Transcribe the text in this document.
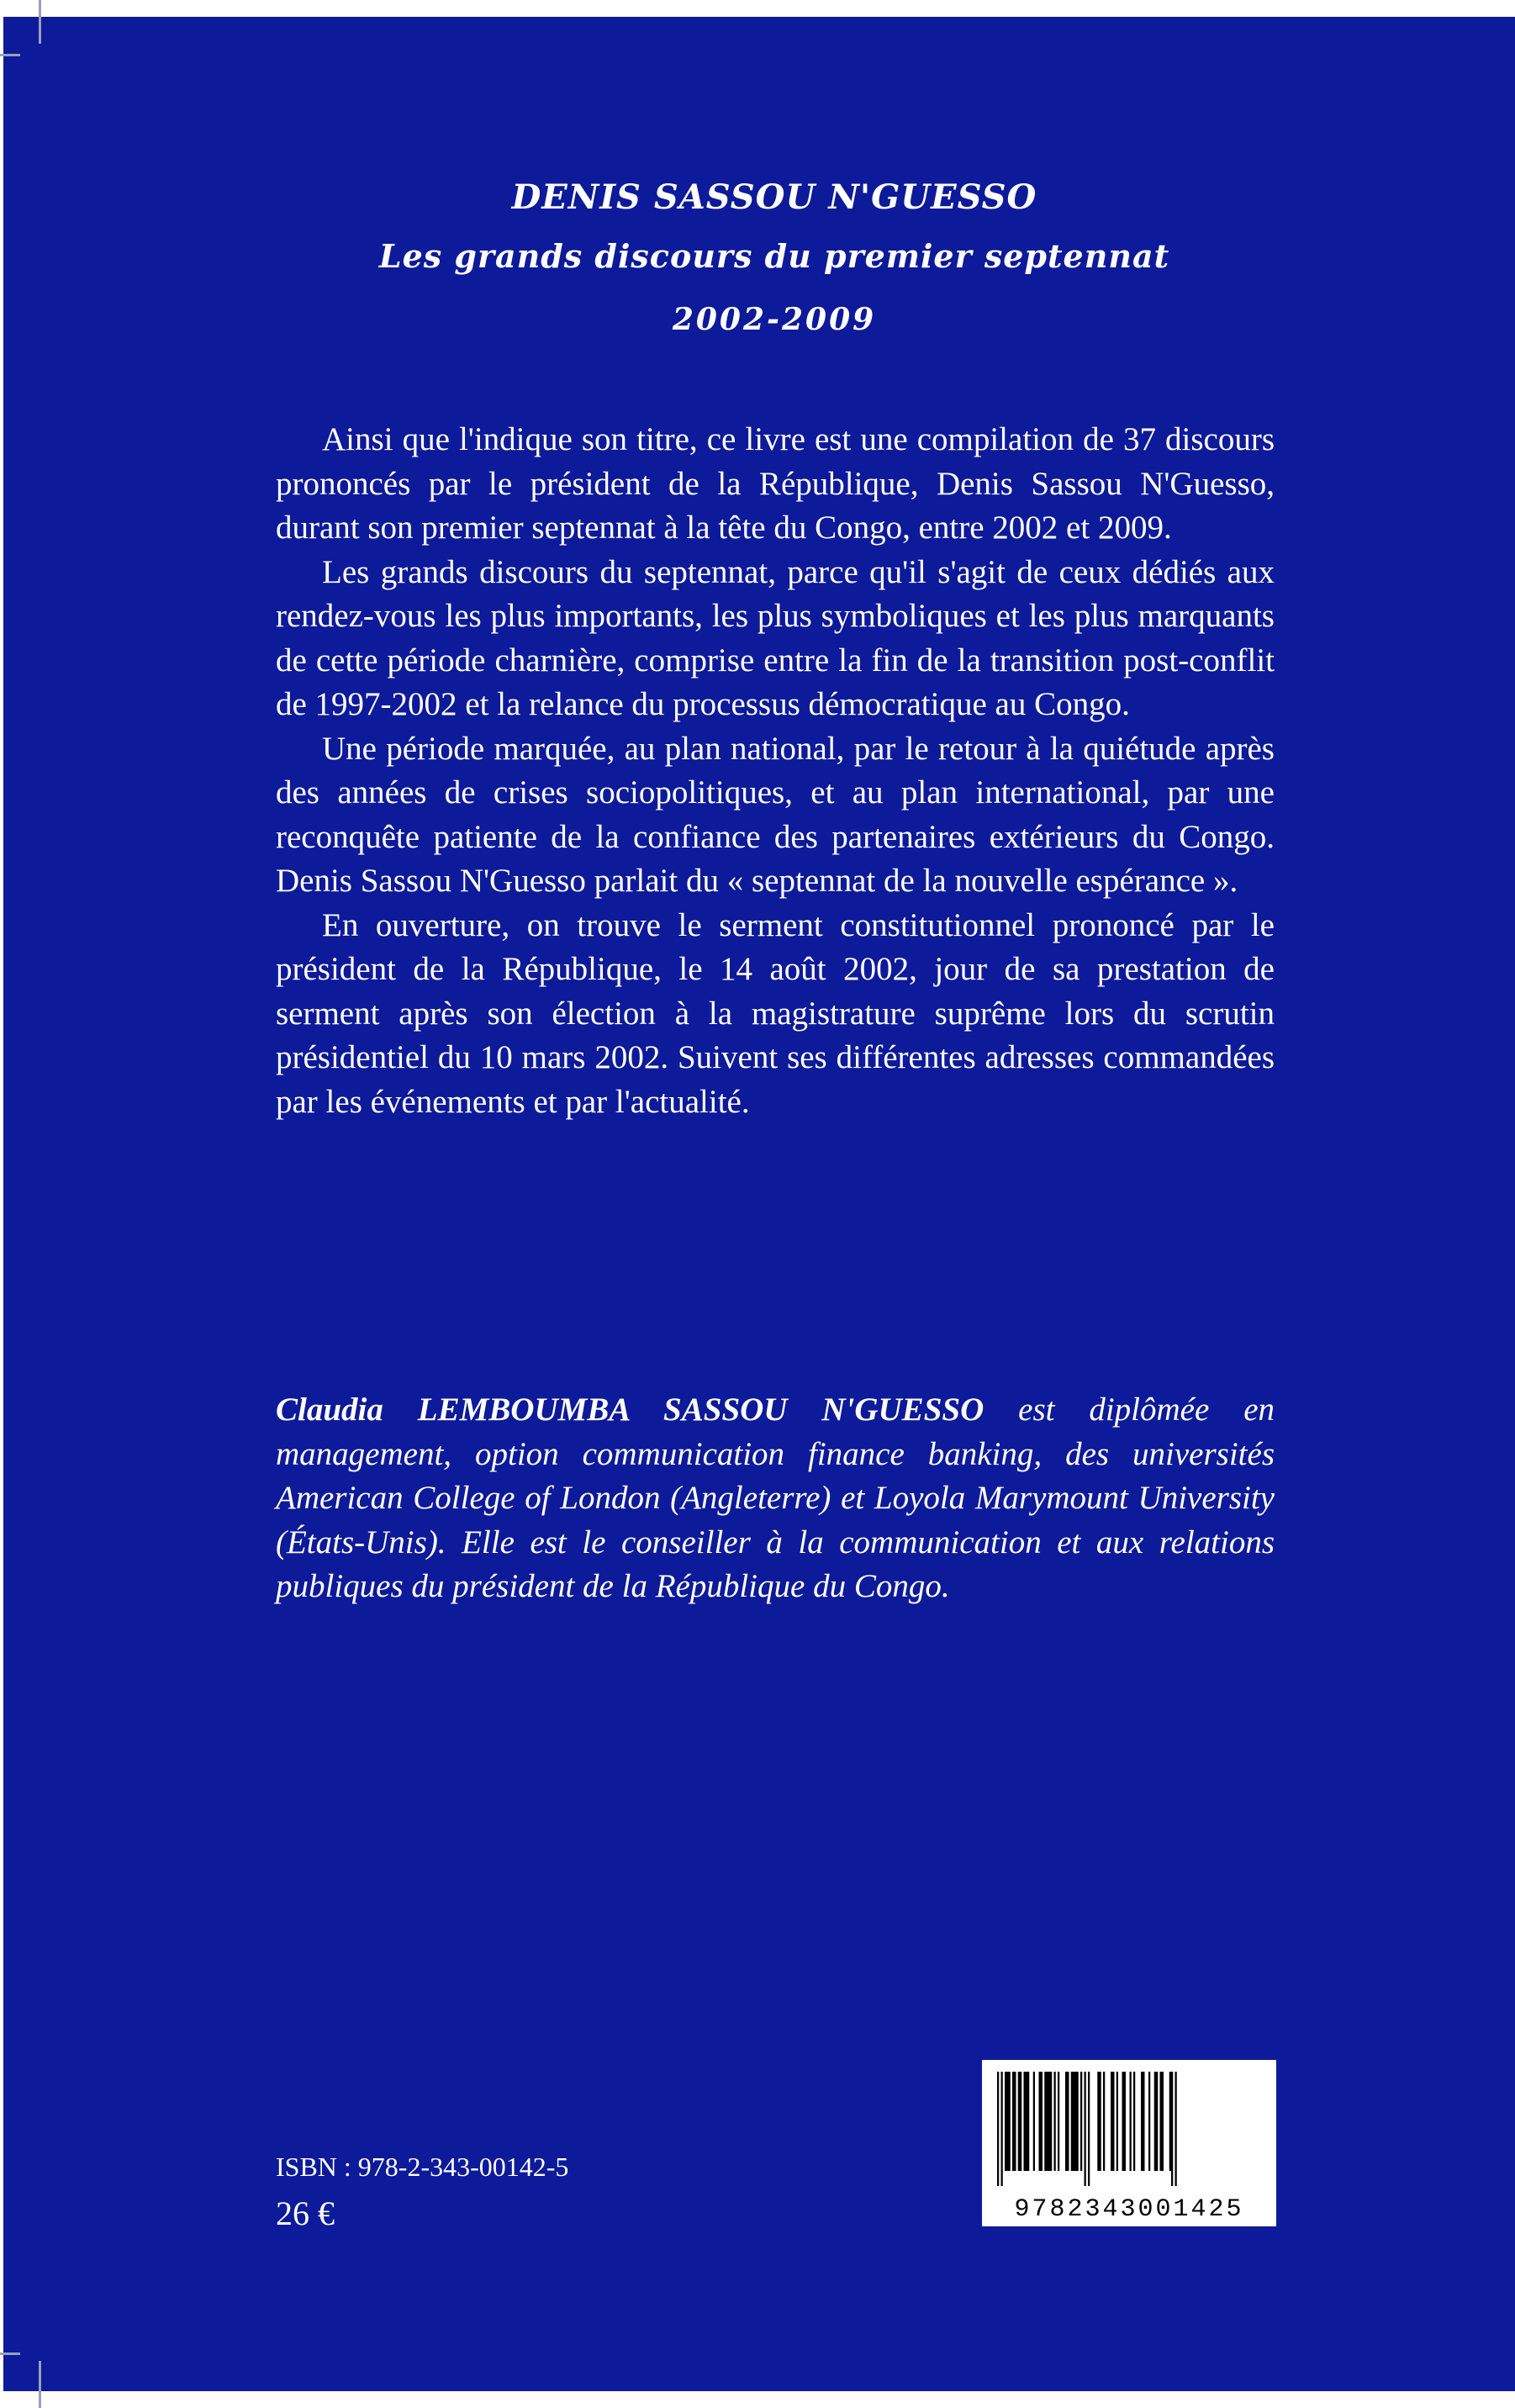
DENIS SASSOU N'GUESSO
Les grands discours du premier septennat
2002-2009

Ainsi que l'indique son titre, ce livre est une compilation de 37 discours prononcés par le président de la République, Denis Sassou N'Guesso, durant son premier septennat à la tête du Congo, entre 2002 et 2009.

Les grands discours du septennat, parce qu'il s'agit de ceux dédiés aux rendez-vous les plus importants, les plus symboliques et les plus marquants de cette période charnière, comprise entre la fin de la transition post-conflit de 1997-2002 et la relance du processus démocratique au Congo.

Une période marquée, au plan national, par le retour à la quiétude après des années de crises sociopolitiques, et au plan international, par une reconquête patiente de la confiance des partenaires extérieurs du Congo. Denis Sassou N'Guesso parlait du « septennat de la nouvelle espérance ».

En ouverture, on trouve le serment constitutionnel prononcé par le président de la République, le 14 août 2002, jour de sa prestation de serment après son élection à la magistrature suprême lors du scrutin présidentiel du 10 mars 2002. Suivent ses différentes adresses commandées par les événements et par l'actualité.

Claudia LEMBOUMBA SASSOU N'GUESSO est diplômée en management, option communication finance banking, des universités American College of London (Angleterre) et Loyola Marymount University (États-Unis). Elle est le conseiller à la communication et aux relations publiques du président de la République du Congo.
ISBN : 978-2-343-00142-5
26 €	9782343001425
